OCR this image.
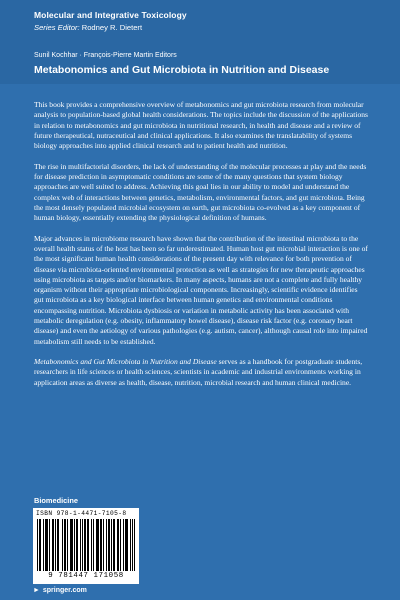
Molecular and Integrative Toxicology
Series Editor: Rodney R. Dietert
Sunil Kochhar · François-Pierre Martin Editors
Metabonomics and Gut Microbiota in Nutrition and Disease

This book provides a comprehensive overview of metabonomics and gut microbiota research from molecular analysis to population-based global health considerations. The topics include the discussion of the applications in relation to metabonomics and gut microbiota in nutritional research, in health and disease and a review of future therapeutical, nutraceutical and clinical applications. It also examines the translatability of systems biology approaches into applied clinical research and to patient health and nutrition.

The rise in multifactorial disorders, the lack of understanding of the molecular processes at play and the needs for disease prediction in asymptomatic conditions are some of the many questions that system biology approaches are well suited to address. Achieving this goal lies in our ability to model and understand the complex web of interactions between genetics, metabolism, environmental factors, and gut microbiota. Being the most densely populated microbial ecosystem on earth, gut microbiota co-evolved as a key component of human biology, essentially extending the physiological definition of humans.

Major advances in microbiome research have shown that the contribution of the intestinal microbiota to the overall health status of the host has been so far underestimated. Human host gut microbial interaction is one of the most significant human health considerations of the present day with relevance for both prevention of disease via microbiota-oriented environmental protection as well as strategies for new therapeutic approaches using microbiota as targets and/or biomarkers. In many aspects, humans are not a complete and fully healthy organism without their appropriate microbiological components. Increasingly, scientific evidence identifies gut microbiota as a key biological interface between human genetics and environmental conditions encompassing nutrition. Microbiota dysbiosis or variation in metabolic activity has been associated with metabolic deregulation (e.g. obesity, inflammatory bowel disease), disease risk factor (e.g. coronary heart disease) and even the aetiology of various pathologies (e.g. autism, cancer), although causal role into impaired metabolism still needs to be established.

Metabonomics and Gut Microbiota in Nutrition and Disease serves as a handbook for postgraduate students, researchers in life sciences or health sciences, scientists in academic and industrial environments working in application areas as diverse as health, disease, nutrition, microbial research and human clinical medicine.

Biomedicine
ISBN 978-1-4471-7105-8
9 781447 171058
► springer.com
